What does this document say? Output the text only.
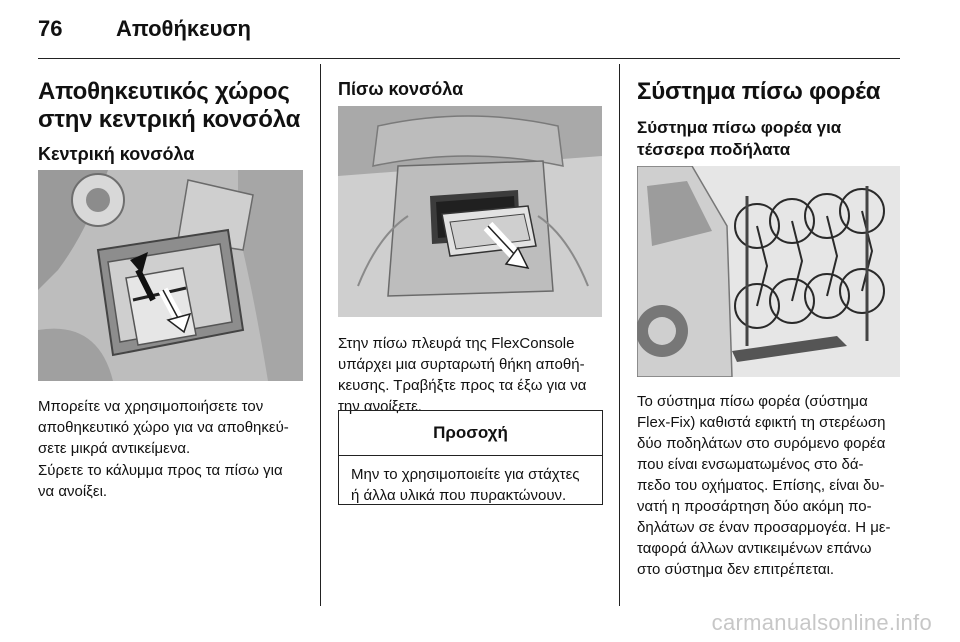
76 Αποθήκευση
Αποθηκευτικός χώρος
στην κεντρική κονσόλα
Κεντρική κονσόλα
Μπορείτε να χρησιμοποιήσετε τον
αποθηκευτικό χώρο για να αποθηκεύ-
σετε μικρά αντικείμενα.
Σύρετε το κάλυμμα προς τα πίσω για
να ανοίξει.
Πίσω κονσόλα
Στην πίσω πλευρά της FlexConsole
υπάρχει μια συρταρωτή θήκη αποθή-
κευσης. Τραβήξτε προς τα έξω για να
την ανοίξετε.
Προσοχή
Μην το χρησιμοποιείτε για στάχτες
ή άλλα υλικά που πυρακτώνουν.
Σύστημα πίσω φορέα
Σύστημα πίσω φορέα για
τέσσερα ποδήλατα
Το σύστημα πίσω φορέα (σύστημα
Flex-Fix) καθιστά εφικτή τη στερέωση
δύο ποδηλάτων στο συρόμενο φορέα
που είναι ενσωματωμένος στο δά-
πεδο του οχήματος. Επίσης, είναι δυ-
νατή η προσάρτηση δύο ακόμη πο-
δηλάτων σε έναν προσαρμογέα. Η με-
ταφορά άλλων αντικειμένων επάνω
στο σύστημα δεν επιτρέπεται.
carmanualsonline.info
